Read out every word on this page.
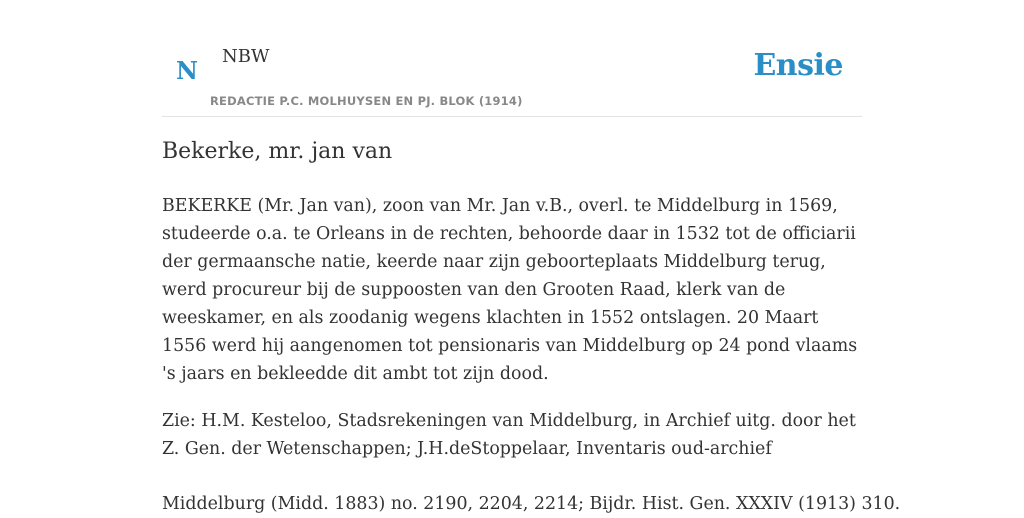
N NBW
REDACTIE P.C. MOLHUYSEN EN PJ. BLOK (1914)
Ensie
Bekerke, mr. jan van

BEKERKE (Mr. Jan van), zoon van Mr. Jan v.B., overl. te Middelburg in 1569, studeerde o.a. te Orleans in de rechten, behoorde daar in 1532 tot de officiarii der germaansche natie, keerde naar zijn geboorteplaats Middelburg terug, werd procureur bij de suppoosten van den Grooten Raad, klerk van de weeskamer, en als zoodanig wegens klachten in 1552 ontslagen. 20 Maart 1556 werd hij aangenomen tot pensionaris van Middelburg op 24 pond vlaams 's jaars en bekleedde dit ambt tot zijn dood.

Zie: H.M. Kesteloo, Stadsrekeningen van Middelburg, in Archief uitg. door het Z. Gen. der Wetenschappen; J.H.deStoppelaar, Inventaris oud-archief

Middelburg (Midd. 1883) no. 2190, 2204, 2214; Bijdr. Hist. Gen. XXXIV (1913) 310.
